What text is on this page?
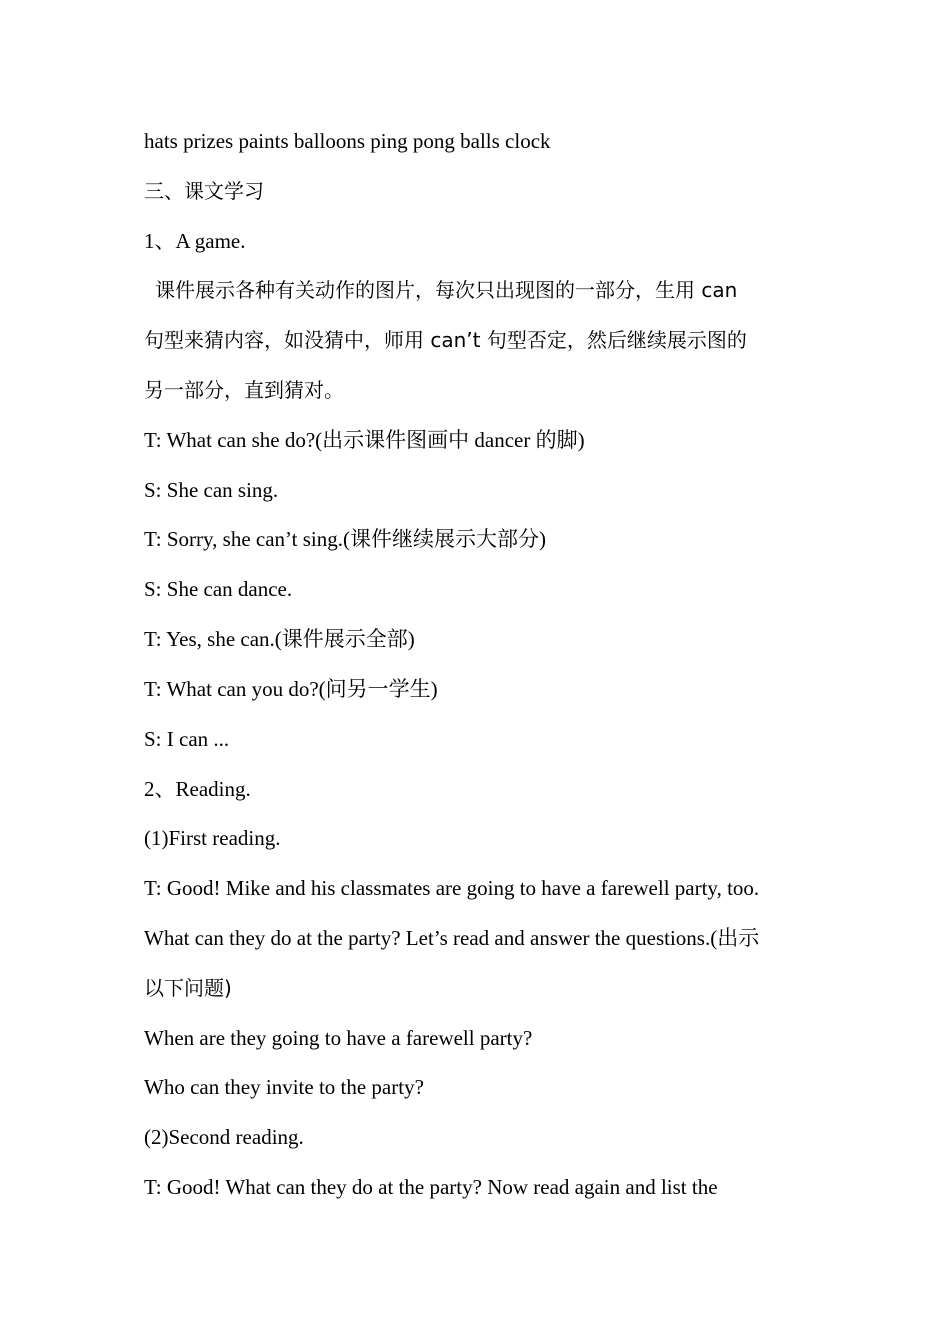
hats prizes paints balloons ping pong balls clock
三、课文学习
1、A game.
课件展示各种有关动作的图片，每次只出现图的一部分，生用 can
句型来猜内容，如没猜中，师用 can’t 句型否定，然后继续展示图的
另一部分，直到猜对。
T: What can she do?(出示课件图画中 dancer 的脚)
S: She can sing.
T: Sorry, she can’t sing.(课件继续展示大部分)
S: She can dance.
T: Yes, she can.(课件展示全部)
T: What can you do?(问另一学生)
S: I can ...
2、Reading.
(1)First reading.
T: Good! Mike and his classmates are going to have a farewell party, too.
What can they do at the party? Let’s read and answer the questions.(出示
以下问题)
When are they going to have a farewell party?
Who can they invite to the party?
(2)Second reading.
T: Good! What can they do at the party? Now read again and list the
